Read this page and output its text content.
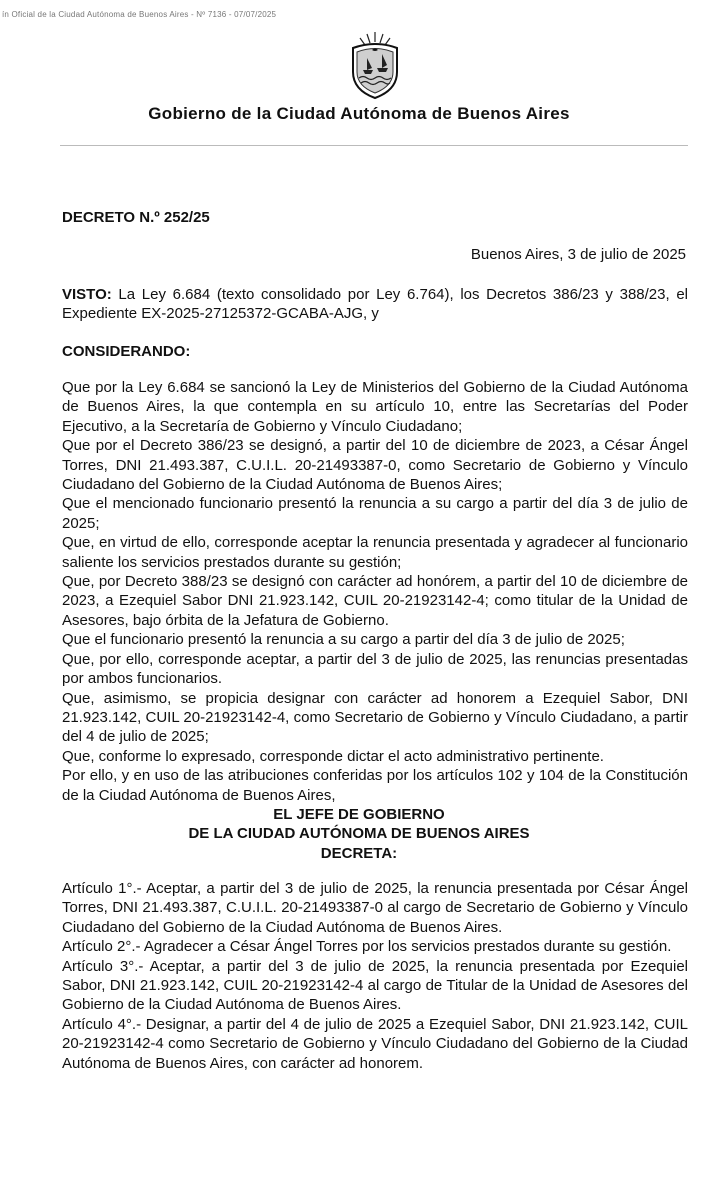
ín Oficial de la Ciudad Autónoma de Buenos Aires - Nº 7136 - 07/07/2025
Gobierno de la Ciudad Autónoma de Buenos Aires
DECRETO N.º 252/25
Buenos Aires, 3 de julio de 2025
VISTO: La Ley 6.684 (texto consolidado por Ley 6.764), los Decretos 386/23 y 388/23, el Expediente EX-2025-27125372-GCABA-AJG, y
CONSIDERANDO:

Que por la Ley 6.684 se sancionó la Ley de Ministerios del Gobierno de la Ciudad Autónoma de Buenos Aires, la que contempla en su artículo 10, entre las Secretarías del Poder Ejecutivo, a la Secretaría de Gobierno y Vínculo Ciudadano;

Que por el Decreto 386/23 se designó, a partir del 10 de diciembre de 2023, a César Ángel Torres, DNI 21.493.387, C.U.I.L. 20-21493387-0, como Secretario de Gobierno y Vínculo Ciudadano del Gobierno de la Ciudad Autónoma de Buenos Aires;

Que el mencionado funcionario presentó la renuncia a su cargo a partir del día 3 de julio de 2025;

Que, en virtud de ello, corresponde aceptar la renuncia presentada y agradecer al funcionario saliente los servicios prestados durante su gestión;

Que, por Decreto 388/23 se designó con carácter ad honórem, a partir del 10 de diciembre de 2023, a Ezequiel Sabor DNI 21.923.142, CUIL 20-21923142-4; como titular de la Unidad de Asesores, bajo órbita de la Jefatura de Gobierno.

Que el funcionario presentó la renuncia a su cargo a partir del día 3 de julio de 2025;

Que, por ello, corresponde aceptar, a partir del 3 de julio de 2025, las renuncias presentadas por ambos funcionarios.

Que, asimismo, se propicia designar con carácter ad honorem a Ezequiel Sabor, DNI 21.923.142, CUIL 20-21923142-4, como Secretario de Gobierno y Vínculo Ciudadano, a partir del 4 de julio de 2025;

Que, conforme lo expresado, corresponde dictar el acto administrativo pertinente.

Por ello, y en uso de las atribuciones conferidas por los artículos 102 y 104 de la Constitución de la Ciudad Autónoma de Buenos Aires,

EL JEFE DE GOBIERNO
DE LA CIUDAD AUTÓNOMA DE BUENOS AIRES
DECRETA:

Artículo 1°.- Aceptar, a partir del 3 de julio de 2025, la renuncia presentada por César Ángel Torres, DNI 21.493.387, C.U.I.L. 20-21493387-0 al cargo de Secretario de Gobierno y Vínculo Ciudadano del Gobierno de la Ciudad Autónoma de Buenos Aires.

Artículo 2°.- Agradecer a César Ángel Torres por los servicios prestados durante su gestión.

Artículo 3°.- Aceptar, a partir del 3 de julio de 2025, la renuncia presentada por Ezequiel Sabor, DNI 21.923.142, CUIL 20-21923142-4 al cargo de Titular de la Unidad de Asesores del Gobierno de la Ciudad Autónoma de Buenos Aires.

Artículo 4°.- Designar, a partir del 4 de julio de 2025 a Ezequiel Sabor, DNI 21.923.142, CUIL 20-21923142-4 como Secretario de Gobierno y Vínculo Ciudadano del Gobierno de la Ciudad Autónoma de Buenos Aires, con carácter ad honorem.
